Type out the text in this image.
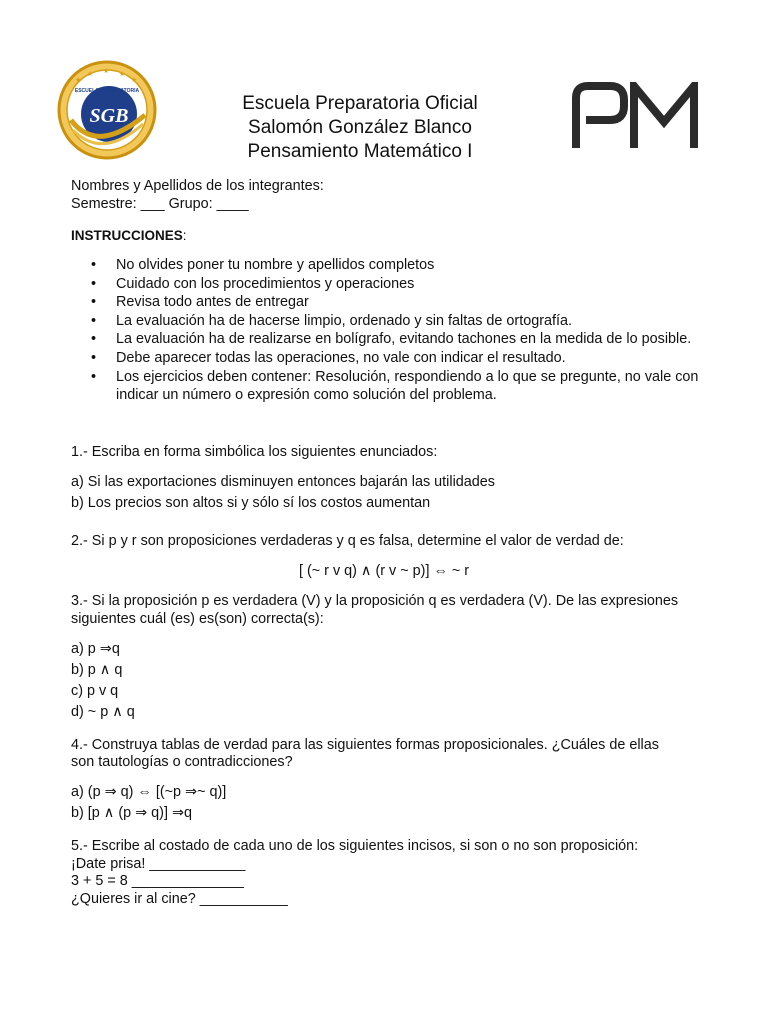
★
★ ★ ★
★
ESCUELA PREPARATORIA
SGB
Escuela Preparatoria Oficial
Salomón González Blanco
Pensamiento Matemático I
Nombres y Apellidos de los integrantes:
Semestre: ___ Grupo: ____
INSTRUCCIONES:
• No olvides poner tu nombre y apellidos completos
• Cuidado con los procedimientos y operaciones
• Revisa todo antes de entregar
• La evaluación ha de hacerse limpio, ordenado y sin faltas de ortografía.
• La evaluación ha de realizarse en bolígrafo, evitando tachones en la medida de lo posible.
• Debe aparecer todas las operaciones, no vale con indicar el resultado.
• Los ejercicios deben contener: Resolución, respondiendo a lo que se pregunte, no vale con indicar un número o expresión como solución del problema.
1.- Escriba en forma simbólica los siguientes enunciados:
a) Si las exportaciones disminuyen entonces bajarán las utilidades
b) Los precios son altos si y sólo sí los costos aumentan
2.- Si p y r son proposiciones verdaderas y q es falsa, determine el valor de verdad de:
[ (~ r v q) ∧ (r v ~ p)] ⇔ ~ r
3.- Si la proposición p es verdadera (V) y la proposición q es verdadera (V). De las expresiones
siguientes cuál (es) es(son) correcta(s):
a) p ⇒q
b) p ∧ q
c) p v q
d) ~ p ∧ q
4.- Construya tablas de verdad para las siguientes formas proposicionales. ¿Cuáles de ellas
son tautologías o contradicciones?
a) (p ⇒ q) ⇔ [(~p ⇒~ q)]
b) [p ∧ (p ⇒ q)] ⇒q
5.- Escribe al costado de cada uno de los siguientes incisos, si son o no son proposición:
¡Date prisa! ____________
3 + 5 = 8 ______________
¿Quieres ir al cine? ___________
